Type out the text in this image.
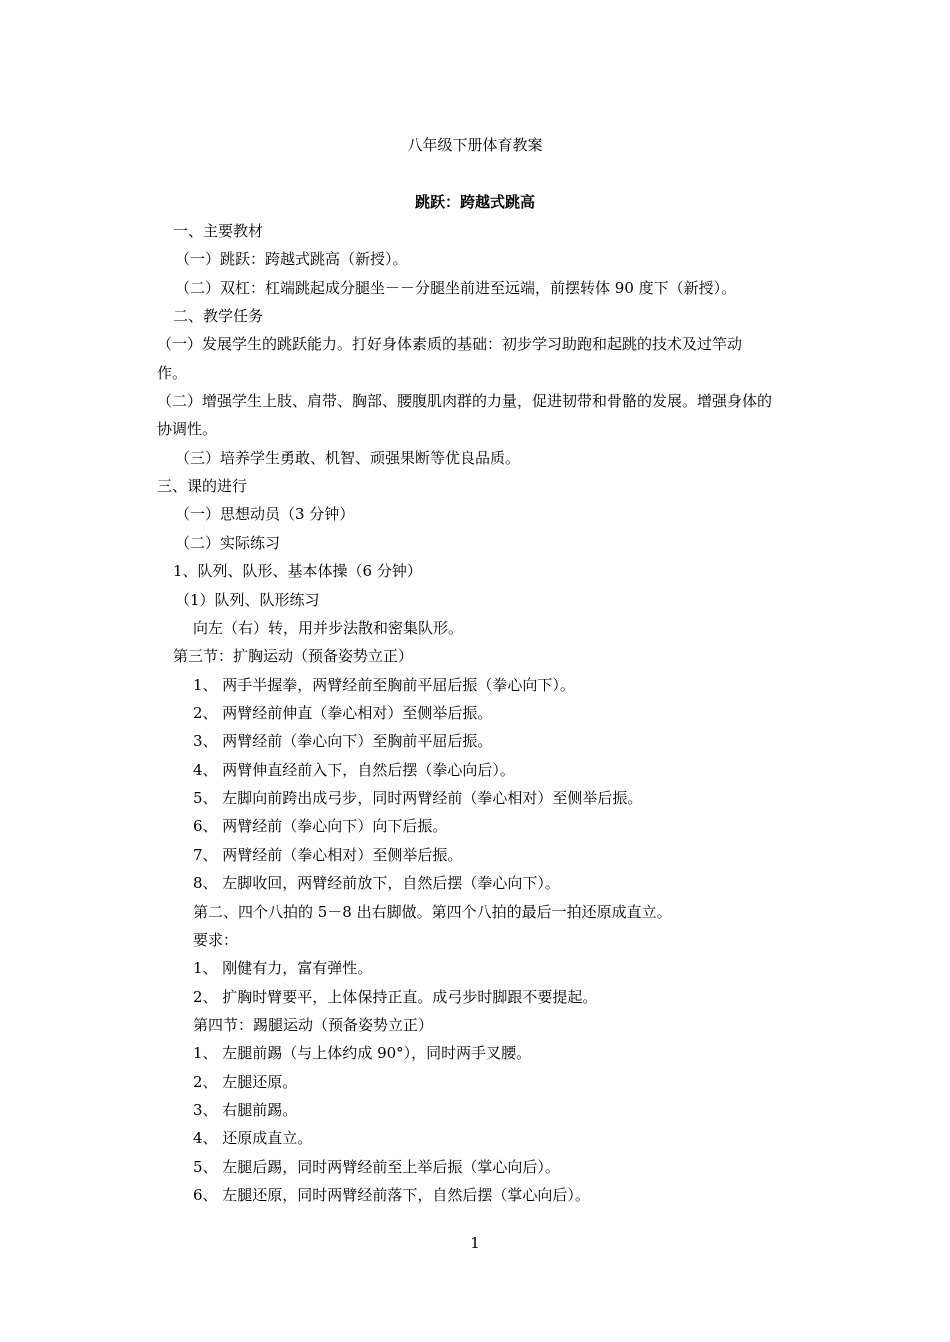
八年级下册体育教案
跳跃：跨越式跳高
一、主要教材
（一）跳跃：跨越式跳高（新授）。
（二）双杠：杠端跳起成分腿坐－－分腿坐前进至远端，前摆转体 90 度下（新授）。
二、教学任务
（一）发展学生的跳跃能力。打好身体素质的基础：初步学习助跑和起跳的技术及过竿动
作。
（二）增强学生上肢、肩带、胸部、腰腹肌肉群的力量，促进韧带和骨骼的发展。增强身体的
协调性。
（三）培养学生勇敢、机智、顽强果断等优良品质。
三、课的进行
（一）思想动员（3 分钟）
（二）实际练习
1、队列、队形、基本体操（6 分钟）
（1）队列、队形练习
向左（右）转，用并步法散和密集队形。
第三节：扩胸运动（预备姿势立正）
1、 两手半握拳，两臂经前至胸前平屈后振（拳心向下）。
2、 两臂经前伸直（拳心相对）至侧举后振。
3、 两臂经前（拳心向下）至胸前平屈后振。
4、 两臂伸直经前入下，自然后摆（拳心向后）。
5、 左脚向前跨出成弓步，同时两臂经前（拳心相对）至侧举后振。
6、 两臂经前（拳心向下）向下后振。
7、 两臂经前（拳心相对）至侧举后振。
8、 左脚收回，两臂经前放下，自然后摆（拳心向下）。
第二、四个八拍的 5－8 出右脚做。第四个八拍的最后一拍还原成直立。
要求：
1、 刚健有力，富有弹性。
2、 扩胸时臂要平，上体保持正直。成弓步时脚跟不要提起。
第四节：踢腿运动（预备姿势立正）
1、 左腿前踢（与上体约成 90°），同时两手叉腰。
2、 左腿还原。
3、 右腿前踢。
4、 还原成直立。
5、 左腿后踢，同时两臂经前至上举后振（掌心向后）。
6、 左腿还原，同时两臂经前落下，自然后摆（掌心向后）。
1
